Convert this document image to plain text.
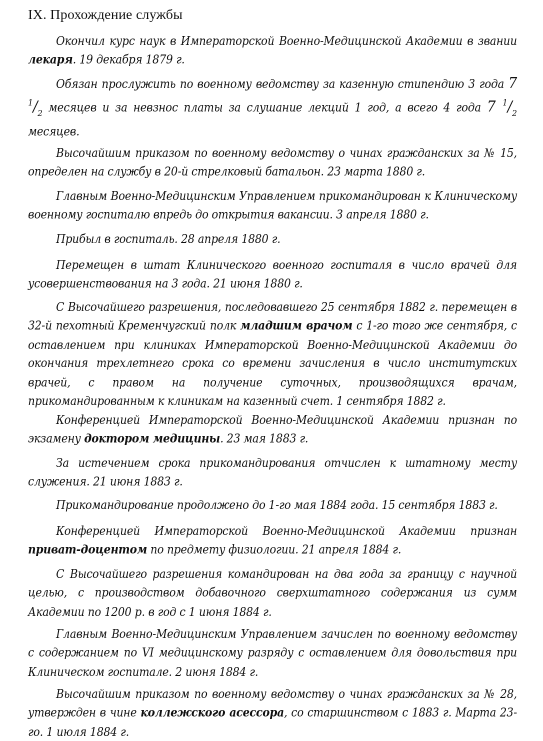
IX. Прохождение службы

Окончил курс наук в Императорской Военно-Медицинской Академии в звании лекаря. 19 декабря 1879 г.

Обязан прослужить по военному ведомству за казенную стипендию 3 года 7 $^1/_2$ месяцев и за невзнос платы за слушание лекций 1 год, а всего 4 года 7 $^1/_2$ месяцев.

Высочайшим приказом по военному ведомству о чинах гражданских за № 15, определен на службу в 20-й стрелковый батальон. 23 марта 1880 г.

Главным Военно-Медицинским Управлением прикомандирован к Клиническому военному госпиталю впредь до открытия вакансии. 3 апреля 1880 г.

Прибыл в госпиталь. 28 апреля 1880 г.

Перемещен в штат Клинического военного госпиталя в число врачей для усовершенствования на 3 года. 21 июня 1880 г.

С Высочайшего разрешения, последовавшего 25 сентября 1882 г. перемещен в 32-й пехотный Кременчугский полк младшим врачом с 1-го того же сентября, с оставлением при клиниках Императорской Военно-Медицинской Академии до окончания трехлетнего срока со времени зачисления в число институтских врачей, с правом на получение суточных, производящихся врачам, прикомандированным к клиникам на казенный счет. 1 сентября 1882 г.

Конференцией Императорской Военно-Медицинской Академии признан по экзамену доктором медицины. 23 мая 1883 г.

За истечением срока прикомандирования отчислен к штатному месту служения. 21 июня 1883 г.

Прикомандирование продолжено до 1-го мая 1884 года. 15 сентября 1883 г.

Конференцией Императорской Военно-Медицинской Академии признан приват-доцентом по предмету физиологии. 21 апреля 1884 г.

С Высочайшего разрешения командирован на два года за границу с научной целью, с производством добавочного сверхштатного содержания из сумм Академии по 1200 р. в год с 1 июня 1884 г.

Главным Военно-Медицинским Управлением зачислен по военному ведомству с содержанием по VI медицинскому разряду с оставлением для довольствия при Клиническом госпитале. 2 июня 1884 г.

Высочайшим приказом по военному ведомству о чинах гражданских за № 28, утвержден в чине коллежского асессора, со старшинством с 1883 г. Марта 23-го. 1 июля 1884 г.
